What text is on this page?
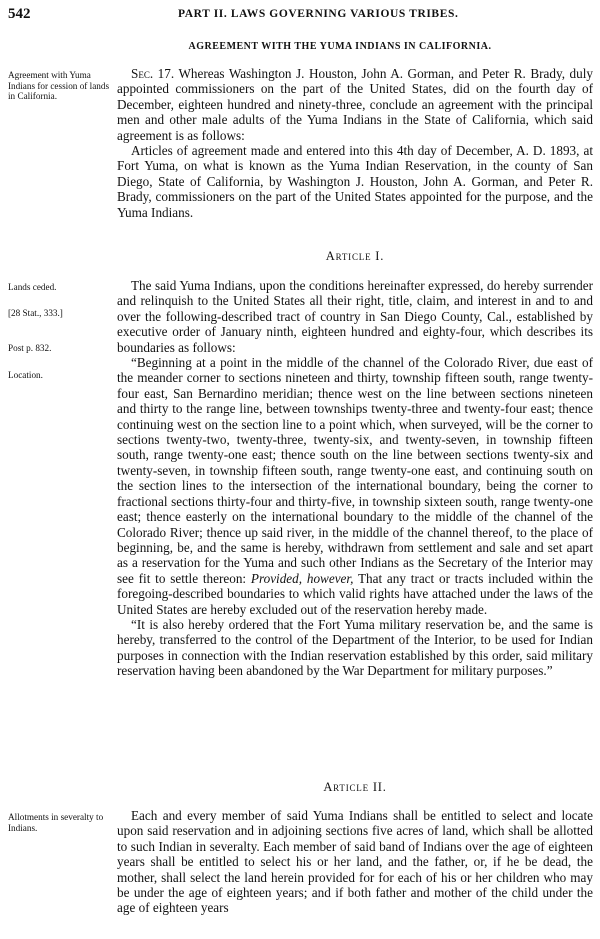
542	PART II. LAWS GOVERNING VARIOUS TRIBES.
AGREEMENT WITH THE YUMA INDIANS IN CALIFORNIA.
Agreement with Yuma Indians for cession of lands in California.
Lands ceded.
[28 Stat., 333.]
Post p. 832.
Location.
Allotments in severalty to Indians.

Sec. 17. Whereas Washington J. Houston, John A. Gorman, and Peter R. Brady, duly appointed commissioners on the part of the United States, did on the fourth day of December, eighteen hundred and ninety-three, conclude an agreement with the principal men and other male adults of the Yuma Indians in the State of California, which said agreement is as follows:

Articles of agreement made and entered into this 4th day of December, A. D. 1893, at Fort Yuma, on what is known as the Yuma Indian Reservation, in the county of San Diego, State of California, by Washington J. Houston, John A. Gorman, and Peter R. Brady, commissioners on the part of the United States appointed for the purpose, and the Yuma Indians.

Article I.

The said Yuma Indians, upon the conditions hereinafter expressed, do hereby surrender and relinquish to the United States all their right, title, claim, and interest in and to and over the following-described tract of country in San Diego County, Cal., established by executive order of January ninth, eighteen hundred and eighty-four, which describes its boundaries as follows:

“Beginning at a point in the middle of the channel of the Colorado River, due east of the meander corner to sections nineteen and thirty, township fifteen south, range twenty-four east, San Bernardino meridian; thence west on the line between sections nineteen and thirty to the range line, between townships twenty-three and twenty-four east; thence continuing west on the section line to a point which, when surveyed, will be the corner to sections twenty-two, twenty-three, twenty-six, and twenty-seven, in township fifteen south, range twenty-one east; thence south on the line between sections twenty-six and twenty-seven, in township fifteen south, range twenty-one east, and continuing south on the section lines to the intersection of the international boundary, being the corner to fractional sections thirty-four and thirty-five, in township sixteen south, range twenty-one east; thence easterly on the international boundary to the middle of the channel of the Colorado River; thence up said river, in the middle of the channel thereof, to the place of beginning, be, and the same is hereby, withdrawn from settlement and sale and set apart as a reservation for the Yuma and such other Indians as the Secretary of the Interior may see fit to settle thereon: Provided, however, That any tract or tracts included within the foregoing-described boundaries to which valid rights have attached under the laws of the United States are hereby excluded out of the reservation hereby made.

“It is also hereby ordered that the Fort Yuma military reservation be, and the same is hereby, transferred to the control of the Department of the Interior, to be used for Indian purposes in connection with the Indian reservation established by this order, said military reservation having been abandoned by the War Department for military purposes.”

Article II.

Each and every member of said Yuma Indians shall be entitled to select and locate upon said reservation and in adjoining sections five acres of land, which shall be allotted to such Indian in severalty. Each member of said band of Indians over the age of eighteen years shall be entitled to select his or her land, and the father, or, if he be dead, the mother, shall select the land herein provided for for each of his or her children who may be under the age of eighteen years; and if both father and mother of the child under the age of eighteen years
